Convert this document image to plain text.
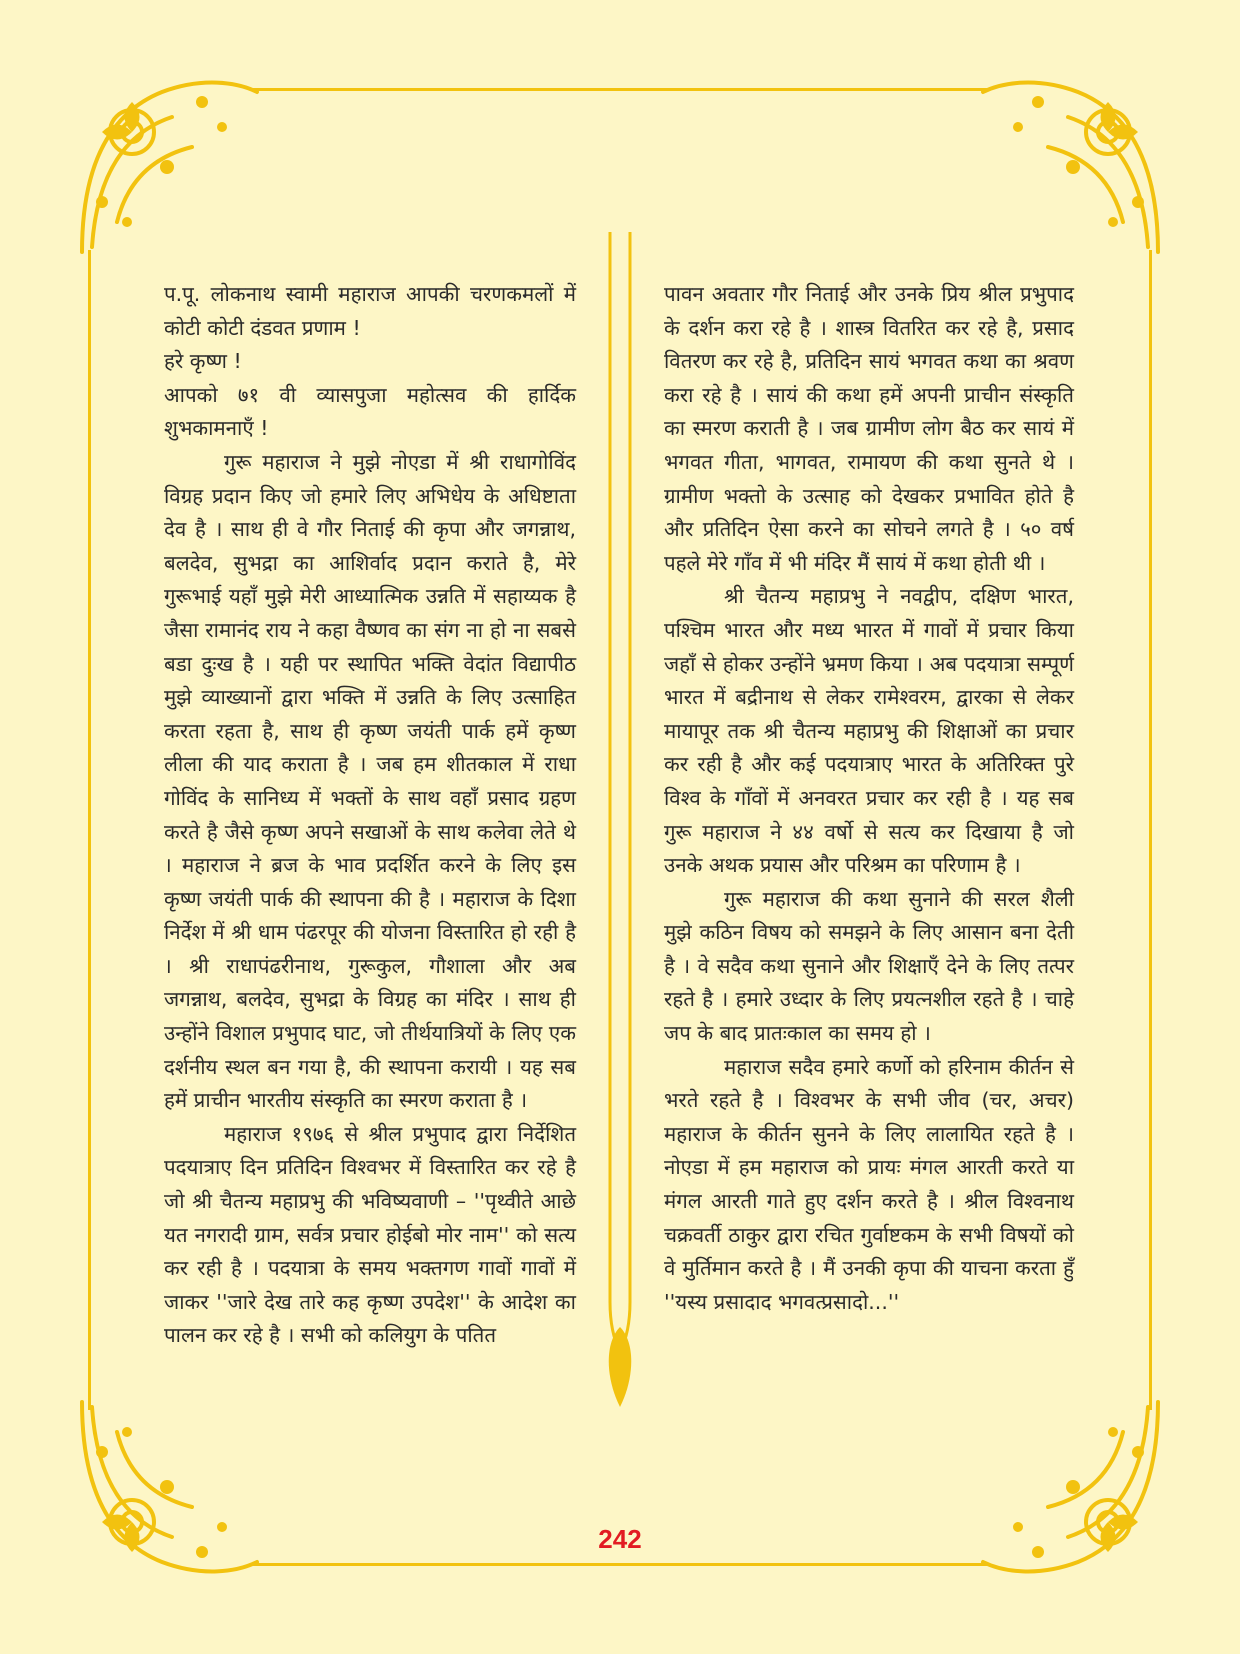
प.पू. लोकनाथ स्वामी महाराज आपकी चरणकमलों में कोटी कोटी दंडवत प्रणाम !

हरे कृष्ण !

आपको ७१ वी व्यासपुजा महोत्सव की हार्दिक शुभकामनाएँ !

गुरू महाराज ने मुझे नोएडा में श्री राधागोविंद विग्रह प्रदान किए जो हमारे लिए अभिधेय के अधिष्टाता देव है । साथ ही वे गौर निताई की कृपा और जगन्नाथ, बलदेव, सुभद्रा का आशिर्वाद प्रदान कराते है, मेरे गुरूभाई यहाँ मुझे मेरी आध्यात्मिक उन्नति में सहाय्यक है जैसा रामानंद राय ने कहा वैष्णव का संग ना हो ना सबसे बडा दुःख है । यही पर स्थापित भक्ति वेदांत विद्यापीठ मुझे व्याख्यानों द्वारा भक्ति में उन्नति के लिए उत्साहित करता रहता है, साथ ही कृष्ण जयंती पार्क हमें कृष्ण लीला की याद कराता है । जब हम शीतकाल में राधा गोविंद के सानिध्य में भक्तों के साथ वहाँ प्रसाद ग्रहण करते है जैसे कृष्ण अपने सखाओं के साथ कलेवा लेते थे । महाराज ने ब्रज के भाव प्रदर्शित करने के लिए इस कृष्ण जयंती पार्क की स्थापना की है । महाराज के दिशा निर्देश में श्री धाम पंढरपूर की योजना विस्तारित हो रही है । श्री राधापंढरीनाथ, गुरूकुल, गौशाला और अब जगन्नाथ, बलदेव, सुभद्रा के विग्रह का मंदिर । साथ ही उन्होंने विशाल प्रभुपाद घाट, जो तीर्थयात्रियों के लिए एक दर्शनीय स्थल बन गया है, की स्थापना करायी । यह सब हमें प्राचीन भारतीय संस्कृति का स्मरण कराता है ।

महाराज १९७६ से श्रील प्रभुपाद द्वारा निर्देशित पदयात्राए दिन प्रतिदिन विश्वभर में विस्तारित कर रहे है जो श्री चैतन्य महाप्रभु की भविष्यवाणी – ''पृथ्वीते आछे यत नगरादी ग्राम, सर्वत्र प्रचार होईबो मोर नाम'' को सत्य कर रही है । पदयात्रा के समय भक्तगण गावों गावों में जाकर ''जारे देख तारे कह कृष्ण उपदेश'' के आदेश का पालन कर रहे है । सभी को कलियुग के पतित

पावन अवतार गौर निताई और उनके प्रिय श्रील प्रभुपाद के दर्शन करा रहे है । शास्त्र वितरित कर रहे है, प्रसाद वितरण कर रहे है, प्रतिदिन सायं भगवत कथा का श्रवण करा रहे है । सायं की कथा हमें अपनी प्राचीन संस्कृति का स्मरण कराती है । जब ग्रामीण लोग बैठ कर सायं में भगवत गीता, भागवत, रामायण की कथा सुनते थे । ग्रामीण भक्तो के उत्साह को देखकर प्रभावित होते है और प्रतिदिन ऐसा करने का सोचने लगते है । ५० वर्ष पहले मेरे गाँव में भी मंदिर मैं सायं में कथा होती थी ।

श्री चैतन्य महाप्रभु ने नवद्वीप, दक्षिण भारत, पश्चिम भारत और मध्य भारत में गावों में प्रचार किया जहाँ से होकर उन्होंने भ्रमण किया । अब पदयात्रा सम्पूर्ण भारत में बद्रीनाथ से लेकर रामेश्वरम, द्वारका से लेकर मायापूर तक श्री चैतन्य महाप्रभु की शिक्षाओं का प्रचार कर रही है और कई पदयात्राए भारत के अतिरिक्त पुरे विश्व के गाँवों में अनवरत प्रचार कर रही है । यह सब गुरू महाराज ने ४४ वर्षो से सत्य कर दिखाया है जो उनके अथक प्रयास और परिश्रम का परिणाम है ।

गुरू महाराज की कथा सुनाने की सरल शैली मुझे कठिन विषय को समझने के लिए आसान बना देती है । वे सदैव कथा सुनाने और शिक्षाएँ देने के लिए तत्पर रहते है । हमारे उध्दार के लिए प्रयत्नशील रहते है । चाहे जप के बाद प्रातःकाल का समय हो ।

महाराज सदैव हमारे कर्णो को हरिनाम कीर्तन से भरते रहते है । विश्वभर के सभी जीव (चर, अचर) महाराज के कीर्तन सुनने के लिए लालायित रहते है । नोएडा में हम महाराज को प्रायः मंगल आरती करते या मंगल आरती गाते हुए दर्शन करते है । श्रील विश्वनाथ चक्रवर्ती ठाकुर द्वारा रचित गुर्वाष्टकम के सभी विषयों को वे मुर्तिमान करते है । मैं उनकी कृपा की याचना करता हुँ ''यस्य प्रसादाद भगवत्प्रसादो...''

242
